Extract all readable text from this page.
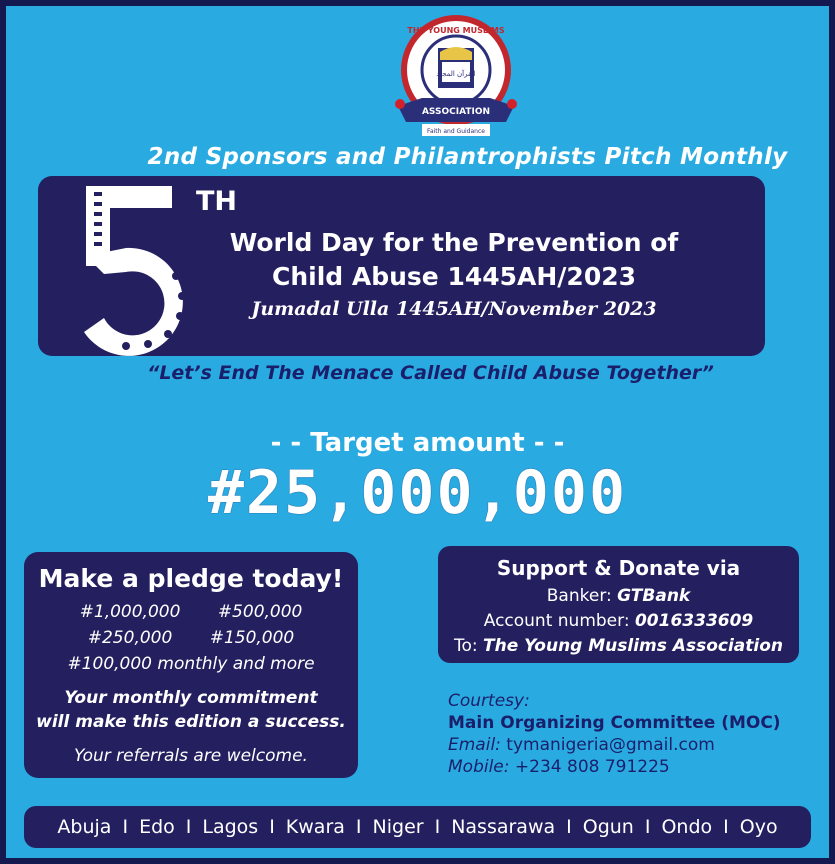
القرآن المجيد
THE YOUNG MUSLIMS
ASSOCIATION
Faith and Guidance
2nd Sponsors and Philantrophists Pitch Monthly
5
TH
World Day for the Prevention of
Child Abuse 1445AH/2023
Jumadal Ulla 1445AH/November 2023
“Let’s End The Menace Called Child Abuse Together”
- - Target amount - -
#25,000,000
Make a pledge today!
#1,000,000 #500,000
#250,000 #150,000
#100,000 monthly and more
Your monthly commitment
will make this edition a success.
Your referrals are welcome.
Support & Donate via
Banker: GTBank
Account number: 0016333609
To: The Young Muslims Association
Courtesy:
Main Organizing Committee (MOC)
Email: tymanigeria@gmail.com
Mobile: +234 808 791225
Abuja I Edo I Lagos I Kwara I Niger I Nassarawa I Ogun I Ondo I Oyo
